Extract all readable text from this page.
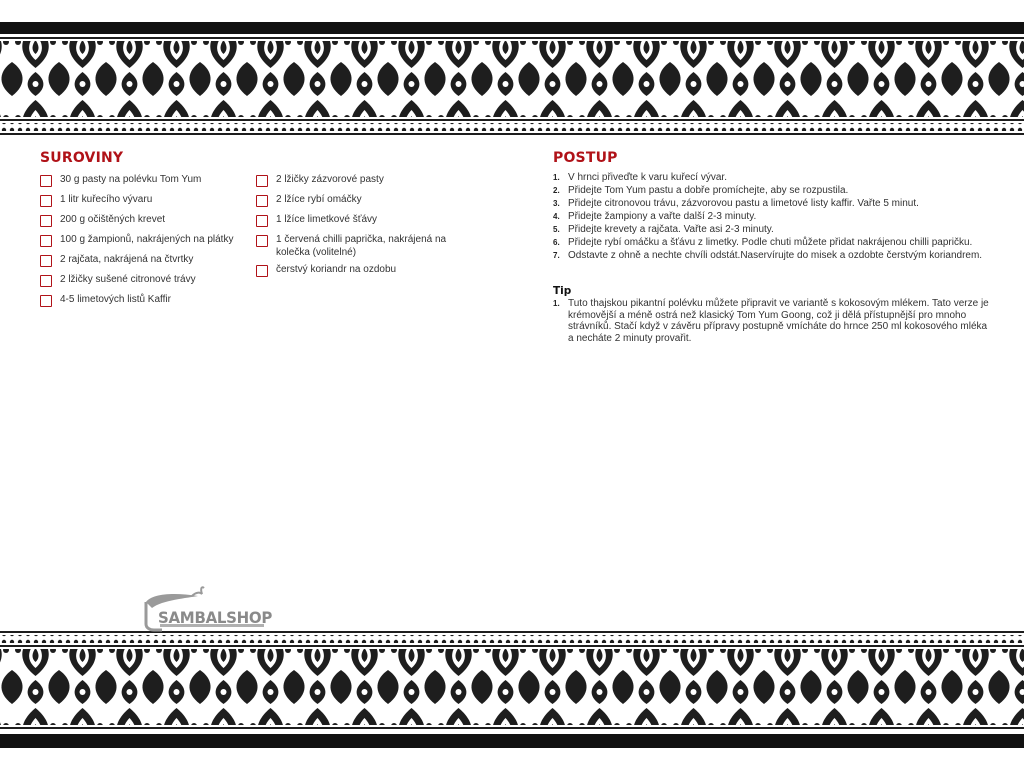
SUROVINY
30 g pasty na polévku Tom Yum
1 litr kuřecího vývaru
200 g očištěných krevet
100 g žampionů, nakrájených na plátky
2 rajčata, nakrájená na čtvrtky
2 lžičky sušené citronové trávy
4-5 limetových listů Kaffir
2 lžičky zázvorové pasty
2 lžíce rybí omáčky
1 lžíce limetkové šťávy
1 červená chilli paprička, nakrájená na kolečka (volitelné)
čerstvý koriandr na ozdobu
POSTUP
1. V hrnci přiveďte k varu kuřecí vývar.
2. Přidejte Tom Yum pastu a dobře promíchejte, aby se rozpustila.
3. Přidejte citronovou trávu, zázvorovou pastu a limetové listy kaffir. Vařte 5 minut.
4. Přidejte žampiony a vařte další 2-3 minuty.
5. Přidejte krevety a rajčata. Vařte asi 2-3 minuty.
6. Přidejte rybí omáčku a šťávu z limetky. Podle chuti můžete přidat nakrájenou chilli papričku.
7. Odstavte z ohně a nechte chvíli odstát.Naservírujte do misek a ozdobte čerstvým koriandrem.
Tip
1. Tuto thajskou pikantní polévku můžete připravit ve variantě s kokosovým mlékem. Tato verze je krémovější a méně ostrá než klasický Tom Yum Goong, což ji dělá přístupnější pro mnoho strávníků. Stačí když v závěru přípravy postupně vmícháte do hrnce 250 ml kokosového mléka a necháte 2 minuty provařit.
SAMBALSHOP
